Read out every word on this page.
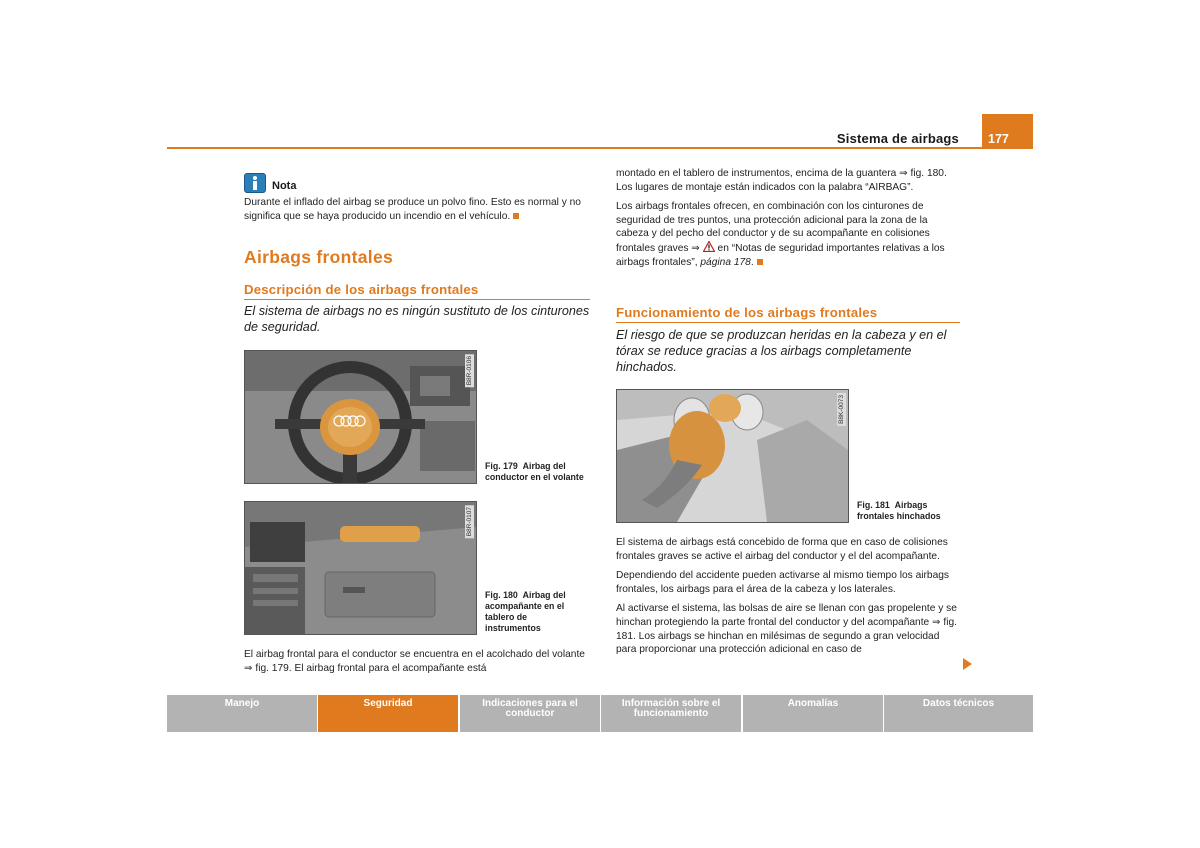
Sistema de airbags	177
Nota

Durante el inflado del airbag se produce un polvo fino. Esto es normal y no significa que se haya producido un incendio en el vehículo.

Airbags frontales
Descripción de los airbags frontales
El sistema de airbags no es ningún sustituto de los cinturones de seguridad.
B8R-0106
Fig. 179 Airbag del conductor en el volante
B8R-0107
Fig. 180 Airbag del acompañante en el tablero de instrumentos

El airbag frontal para el conductor se encuentra en el acolchado del volante ⇒ fig. 179. El airbag frontal para el acompañante está

montado en el tablero de instrumentos, encima de la guantera ⇒ fig. 180. Los lugares de montaje están indicados con la palabra “AIRBAG”.

Los airbags frontales ofrecen, en combinación con los cinturones de seguridad de tres puntos, una protección adicional para la zona de la cabeza y del pecho del conductor y de su acompañante en colisiones frontales graves ⇒ en “Notas de seguridad importantes relativas a los airbags frontales”, página 178.

Funcionamiento de los airbags frontales
El riesgo de que se produzcan heridas en la cabeza y en el tórax se reduce gracias a los airbags completamente hinchados.
B8K-0073
Fig. 181 Airbags frontales hinchados

El sistema de airbags está concebido de forma que en caso de colisiones frontales graves se active el airbag del conductor y el del acompañante.

Dependiendo del accidente pueden activarse al mismo tiempo los airbags frontales, los airbags para el área de la cabeza y los laterales.

Al activarse el sistema, las bolsas de aire se llenan con gas propelente y se hinchan protegiendo la parte frontal del conductor y del acompañante ⇒ fig. 181. Los airbags se hinchan en milésimas de segundo a gran velocidad para proporcionar una protección adicional en caso de

Manejo	Seguridad	Indicaciones para el conductor
Información sobre el funcionamiento
Anomalías	Datos técnicos
